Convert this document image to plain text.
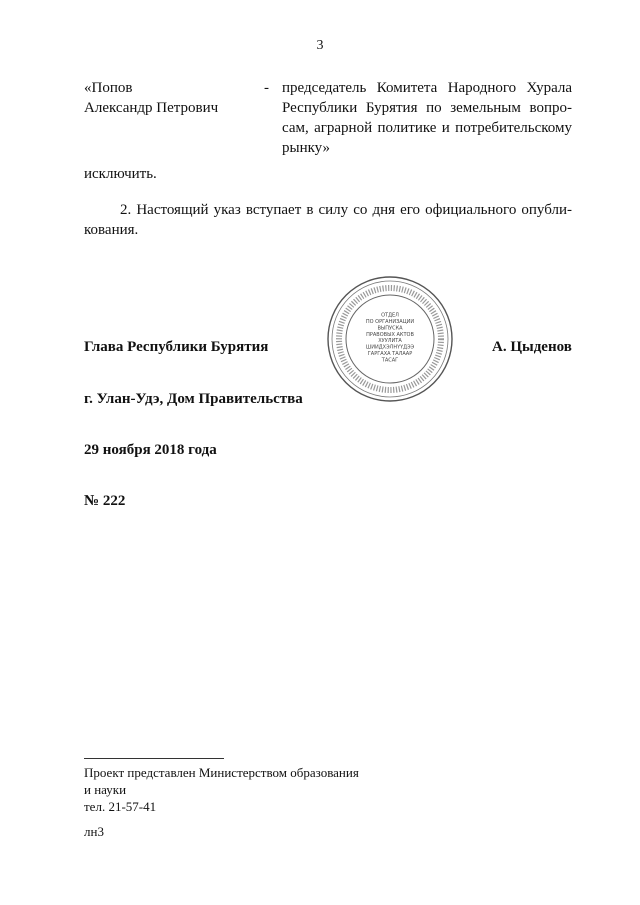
3
«Попов
Александр Петрович
- председатель Комитета Народного Хурала
Республики Бурятия по земельным вопро-
сам, аграрной политике и потребительскому
рынку»
исключить.
2. Настоящий указ вступает в силу со дня его официального опубли-
кования.
ОТДЕЛ
ПО ОРГАНИЗАЦИИ
ВЫПУСКА
ПРАВОВЫХ АКТОВ
ХУУЛИТА
ШИИДХЭЛНҮҮДЭЭ
ГАРГАХА ТАЛААР
ТАСАГ
Глава Республики Бурятия	А. Цыденов
г. Улан-Удэ, Дом Правительства
29 ноября 2018 года
№ 222
Проект представлен Министерством образования
и науки
тел. 21-57-41
лн3
